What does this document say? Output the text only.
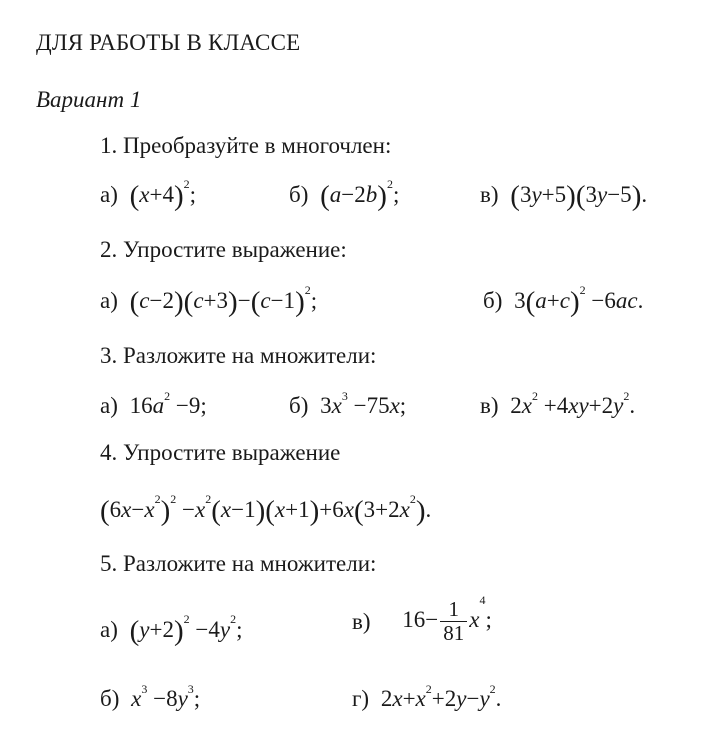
ДЛЯ РАБОТЫ В КЛАССЕ
Вариант 1
1. Преобразуйте в многочлен:
а) $(x+4)^2$;	б) $(a-2b)^2$;	в) (3y+5)(3y−5).
2. Упростите выражение:
а) $(c-2)(c+3)-(c-1)^2$;	б) $3(a+c)^2 -6ac$.
3. Разложите на множители:
а) $16a^2 -9$;	б) $3x^3 -75x$;	в) $2x^2 +4xy+2y^2$.
4. Упростите выражение
$(6x-x^2)^2 -x^2(x-1)(x+1)+6x(3+2x^2)$.
5. Разложите на множители:
а) $(y+2)^2 -4y^2$;	в) $16- \frac{1}{81} x^4$;
б) $x^3 -8y^3$;	г) $2x+x^2+2y-y^2$.
